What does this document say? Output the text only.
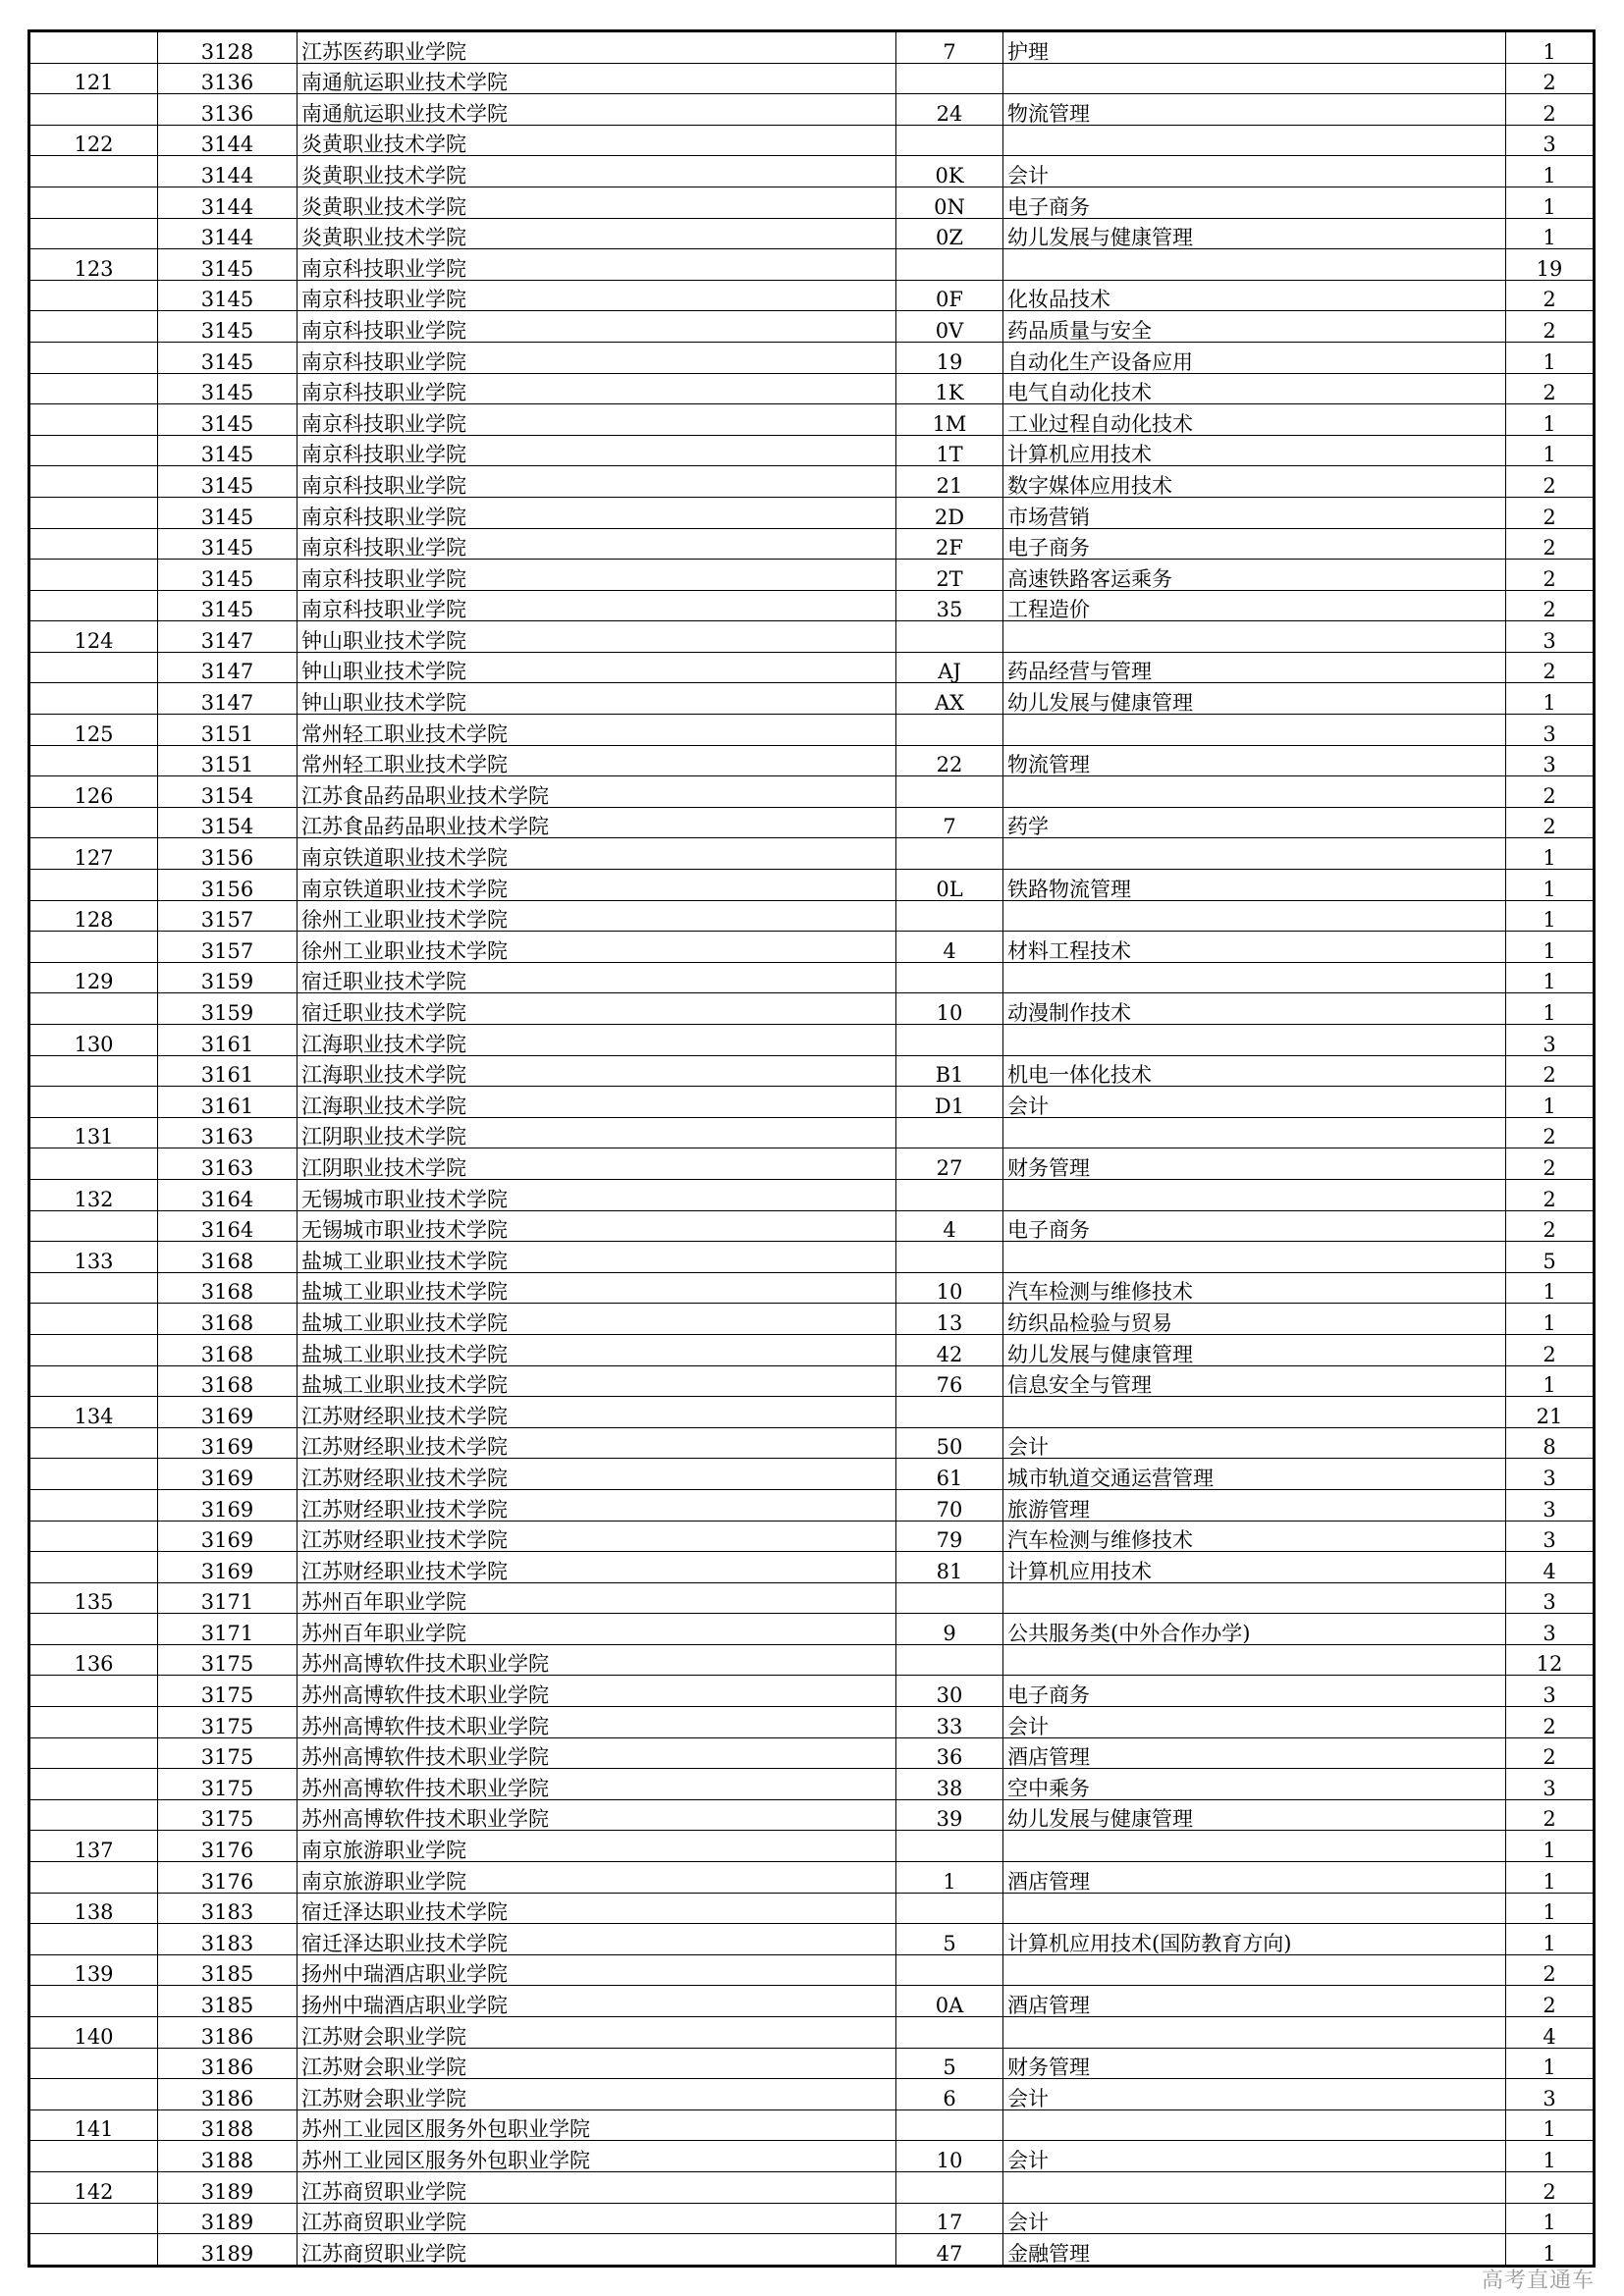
	3128	江苏医药职业学院	7	护理	1
121	3136	南通航运职业技术学院			2
	3136	南通航运职业技术学院	24	物流管理	2
122	3144	炎黄职业技术学院			3
	3144	炎黄职业技术学院	0K	会计	1
	3144	炎黄职业技术学院	0N	电子商务	1
	3144	炎黄职业技术学院	0Z	幼儿发展与健康管理	1
123	3145	南京科技职业学院			19
	3145	南京科技职业学院	0F	化妆品技术	2
	3145	南京科技职业学院	0V	药品质量与安全	2
	3145	南京科技职业学院	19	自动化生产设备应用	1
	3145	南京科技职业学院	1K	电气自动化技术	2
	3145	南京科技职业学院	1M	工业过程自动化技术	1
	3145	南京科技职业学院	1T	计算机应用技术	1
	3145	南京科技职业学院	21	数字媒体应用技术	2
	3145	南京科技职业学院	2D	市场营销	2
	3145	南京科技职业学院	2F	电子商务	2
	3145	南京科技职业学院	2T	高速铁路客运乘务	2
	3145	南京科技职业学院	35	工程造价	2
124	3147	钟山职业技术学院			3
	3147	钟山职业技术学院	AJ	药品经营与管理	2
	3147	钟山职业技术学院	AX	幼儿发展与健康管理	1
125	3151	常州轻工职业技术学院			3
	3151	常州轻工职业技术学院	22	物流管理	3
126	3154	江苏食品药品职业技术学院			2
	3154	江苏食品药品职业技术学院	7	药学	2
127	3156	南京铁道职业技术学院			1
	3156	南京铁道职业技术学院	0L	铁路物流管理	1
128	3157	徐州工业职业技术学院			1
	3157	徐州工业职业技术学院	4	材料工程技术	1
129	3159	宿迁职业技术学院			1
	3159	宿迁职业技术学院	10	动漫制作技术	1
130	3161	江海职业技术学院			3
	3161	江海职业技术学院	B1	机电一体化技术	2
	3161	江海职业技术学院	D1	会计	1
131	3163	江阴职业技术学院			2
	3163	江阴职业技术学院	27	财务管理	2
132	3164	无锡城市职业技术学院			2
	3164	无锡城市职业技术学院	4	电子商务	2
133	3168	盐城工业职业技术学院			5
	3168	盐城工业职业技术学院	10	汽车检测与维修技术	1
	3168	盐城工业职业技术学院	13	纺织品检验与贸易	1
	3168	盐城工业职业技术学院	42	幼儿发展与健康管理	2
	3168	盐城工业职业技术学院	76	信息安全与管理	1
134	3169	江苏财经职业技术学院			21
	3169	江苏财经职业技术学院	50	会计	8
	3169	江苏财经职业技术学院	61	城市轨道交通运营管理	3
	3169	江苏财经职业技术学院	70	旅游管理	3
	3169	江苏财经职业技术学院	79	汽车检测与维修技术	3
	3169	江苏财经职业技术学院	81	计算机应用技术	4
135	3171	苏州百年职业学院			3
	3171	苏州百年职业学院	9	公共服务类(中外合作办学)	3
136	3175	苏州高博软件技术职业学院			12
	3175	苏州高博软件技术职业学院	30	电子商务	3
	3175	苏州高博软件技术职业学院	33	会计	2
	3175	苏州高博软件技术职业学院	36	酒店管理	2
	3175	苏州高博软件技术职业学院	38	空中乘务	3
	3175	苏州高博软件技术职业学院	39	幼儿发展与健康管理	2
137	3176	南京旅游职业学院			1
	3176	南京旅游职业学院	1	酒店管理	1
138	3183	宿迁泽达职业技术学院			1
	3183	宿迁泽达职业技术学院	5	计算机应用技术(国防教育方向)	1
139	3185	扬州中瑞酒店职业学院			2
	3185	扬州中瑞酒店职业学院	0A	酒店管理	2
140	3186	江苏财会职业学院			4
	3186	江苏财会职业学院	5	财务管理	1
	3186	江苏财会职业学院	6	会计	3
141	3188	苏州工业园区服务外包职业学院			1
	3188	苏州工业园区服务外包职业学院	10	会计	1
142	3189	江苏商贸职业学院			2
	3189	江苏商贸职业学院	17	会计	1
	3189	江苏商贸职业学院	47	金融管理	1
高考直通车
